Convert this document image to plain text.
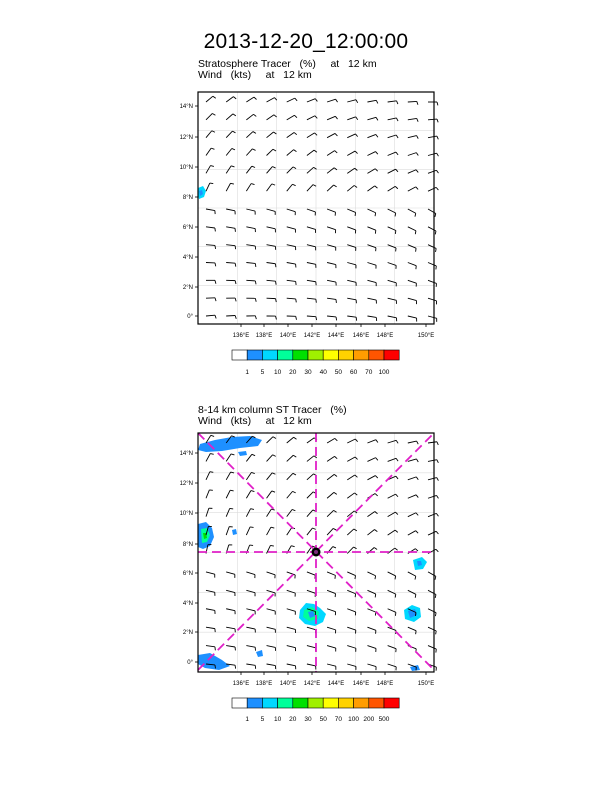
2013-12-20_12:00:00
Stratosphere Tracer   (%)     at   12 km
Wind   (kts)     at   12 km
8-14 km column ST Tracer   (%)
Wind   (kts)     at   12 km
136°E 138°E 140°E 142°E 144°E 146°E 148°E	150°E
0°
2°N
4°N
6°N
8°N
10°N
12°N
14°N
1 5 10 20 30 40 50 60 70 100
136°E 138°E 140°E 142°E 144°E 146°E 148°E	150°E
0°
2°N
4°N
6°N
8°N
10°N
12°N
14°N
1 5 10 20 30 50 70 100 200 500
